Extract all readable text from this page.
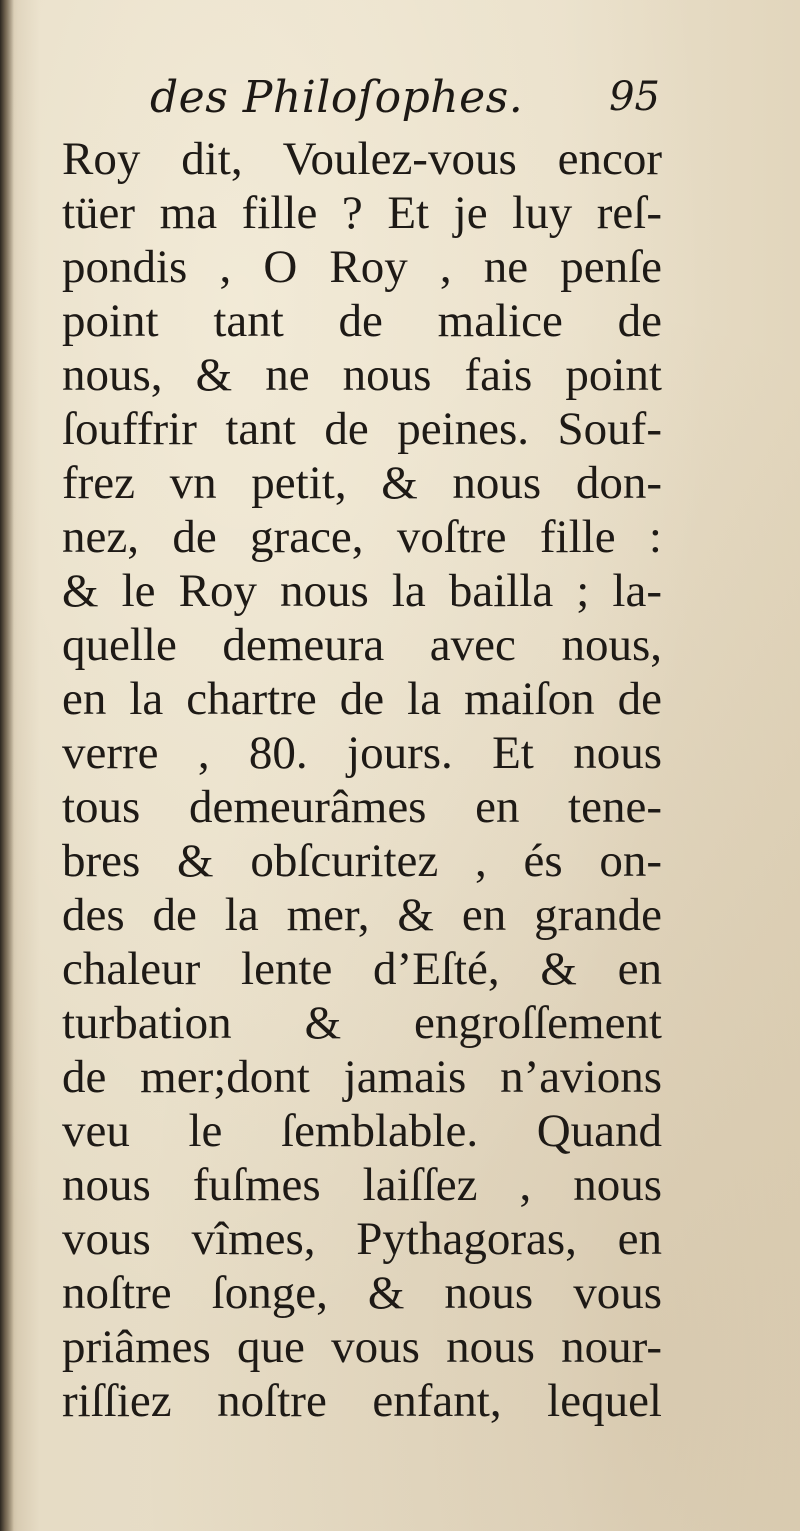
des Philoſophes. 95
Roy dit, Voulez-vous encor
tüer ma fille ? Et je luy reſ-
pondis , O Roy , ne penſe
point tant de malice de
nous, & ne nous fais point
ſouffrir tant de peines. Souf-
frez vn petit, & nous don-
nez, de grace, voſtre fille :
& le Roy nous la bailla ; la-
quelle demeura avec nous,
en la chartre de la maiſon de
verre , 80. jours. Et nous
tous demeurâmes en tene-
bres & obſcuritez , és on-
des de la mer, & en grande
chaleur lente d’Eſté, & en
turbation & engroſſement
de mer;dont jamais n’avions
veu le ſemblable. Quand
nous fuſmes laiſſez , nous
vous vîmes, Pythagoras, en
noſtre ſonge, & nous vous
priâmes que vous nous nour-
riſſiez noſtre enfant, lequel
